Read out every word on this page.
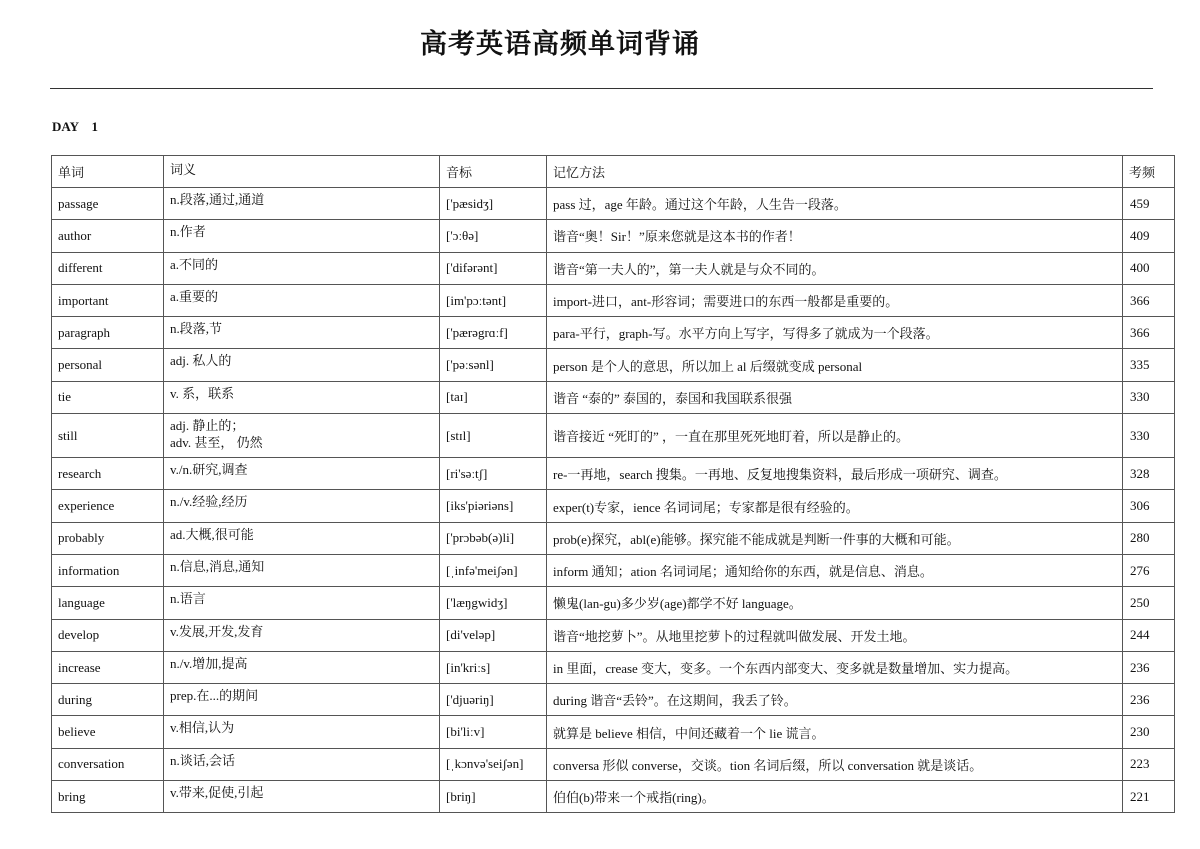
高考英语高频单词背诵
DAY　1
单词	词义	音标	记忆方法	考频
passage	n.段落,通过,通道	['pæsidʒ]	pass 过，age 年龄。通过这个年龄，人生告一段落。	459
author	n.作者	['ɔːθə]	谐音“奥！Sir！”原来您就是这本书的作者！	409
different	a.不同的	['difərənt]	谐音“第一夫人的”，第一夫人就是与众不同的。	400
important	a.重要的	[im'pɔːtənt]	import-进口，ant-形容词；需要进口的东西一般都是重要的。	366
paragraph	n.段落,节	['pærəgrɑːf]	para-平行，graph-写。水平方向上写字，写得多了就成为一个段落。	366
personal	adj. 私人的	['pəːsənl]	person 是个人的意思，所以加上 al 后缀就变成 personal	335
tie	v. 系，联系	[taɪ]	谐音 “泰的” 泰国的，泰国和我国联系很强	330
still	adj. 静止的；
adv. 甚至， 仍然	[stɪl]	谐音接近 “死盯的” ，一直在那里死死地盯着，所以是静止的。	330
research	v./n.研究,调查	[ri'səːtʃ]	re-一再地，search 搜集。一再地、反复地搜集资料，最后形成一项研究、调查。	328
experience	n./v.经验,经历	[iks'piəriəns]	exper(t)专家，ience 名词词尾；专家都是很有经验的。	306
probably	ad.大概,很可能	['prɔbəb(ə)li]	prob(e)探究，abl(e)能够。探究能不能成就是判断一件事的大概和可能。	280
information	n.信息,消息,通知	[ˌinfə'meiʃən]	inform 通知；ation 名词词尾；通知给你的东西，就是信息、消息。	276
language	n.语言	['læŋgwidʒ]	懒鬼(lan-gu)多少岁(age)都学不好 language。	250
develop	v.发展,开发,发育	[di'veləp]	谐音“地挖萝卜”。从地里挖萝卜的过程就叫做发展、开发土地。	244
increase	n./v.增加,提高	[in'kriːs]	in 里面，crease 变大，变多。一个东西内部变大、变多就是数量增加、实力提高。	236
during	prep.在...的期间	['djuəriŋ]	during 谐音“丢铃”。在这期间，我丢了铃。	236
believe	v.相信,认为	[bi'liːv]	就算是 believe 相信，中间还藏着一个 lie 谎言。	230
conversation	n.谈话,会话	[ˌkɔnvə'seiʃən]	conversa 形似 converse，交谈。tion 名词后缀，所以 conversation 就是谈话。	223
bring	v.带来,促使,引起	[briŋ]	伯伯(b)带来一个戒指(ring)。	221
